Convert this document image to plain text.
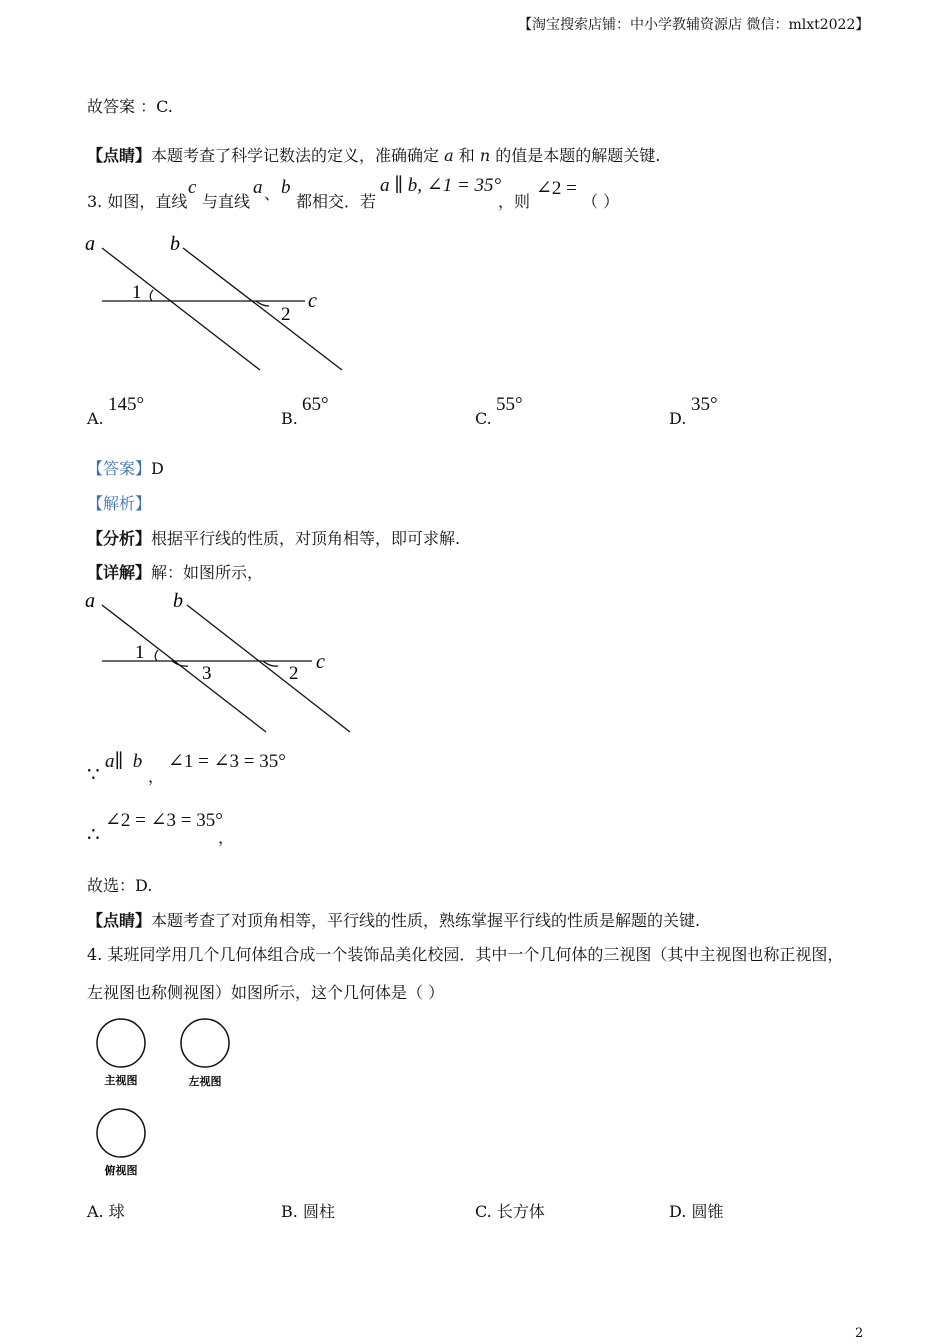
【淘宝搜索店铺：中小学教辅资源店 微信：mlxt2022】
故答案 ：C.
【点睛】本题考查了科学记数法的定义，准确确定 a 和 n 的值是本题的解题关键.
3. 如图，直线
c
与直线
a 、 b
都相交．若
a ∥ b, ∠1 = 35°
，则
∠2 =
（ ）
a	b
c
1
2
A.
145°
B.
65°
C.
55°
D.
35°
【答案】D
【解析】
【分析】根据平行线的性质，对顶角相等，即可求解.
【详解】解：如图所示，
a	b
c
1
3	2
∵
a∥ b
，
∠1 = ∠3 = 35°
∴
∠2 = ∠3 = 35°
，
故选：D.
【点睛】本题考查了对顶角相等，平行线的性质，熟练掌握平行线的性质是解题的关键.
4. 某班同学用几个几何体组合成一个装饰品美化校园．其中一个几何体的三视图（其中主视图也称正视图，
左视图也称侧视图）如图所示，这个几何体是（ ）
主视图	左视图
俯视图
A. 球	B. 圆柱	C. 长方体	D. 圆锥
2
